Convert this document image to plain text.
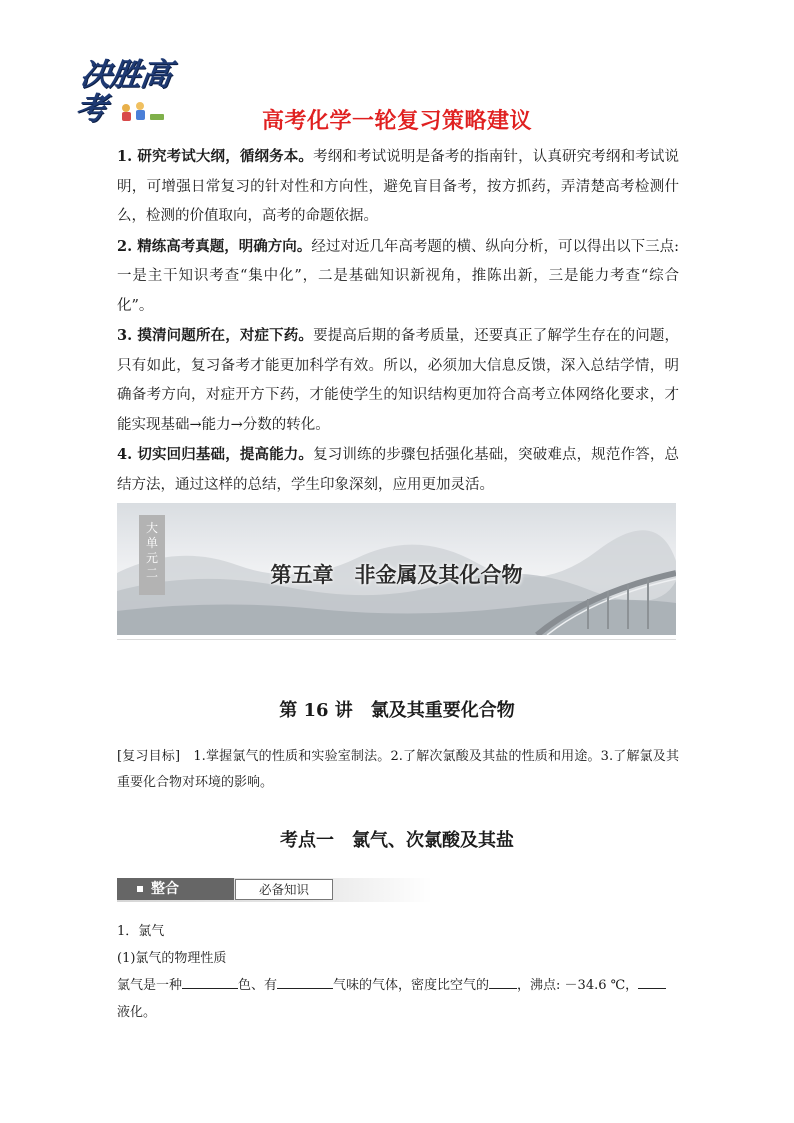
决胜高考	高考化学一轮复习策略建议

1. 研究考试大纲，循纲务本。考纲和考试说明是备考的指南针，认真研究考纲和考试说明，可增强日常复习的针对性和方向性，避免盲目备考，按方抓药，弄清楚高考检测什么，检测的价值取向，高考的命题依据。

2. 精练高考真题，明确方向。经过对近几年高考题的横、纵向分析，可以得出以下三点:一是主干知识考查“集中化”，二是基础知识新视角，推陈出新，三是能力考查“综合化”。

3. 摸清问题所在，对症下药。要提高后期的备考质量，还要真正了解学生存在的问题，只有如此，复习备考才能更加科学有效。所以，必须加大信息反馈，深入总结学情，明确备考方向，对症开方下药，才能使学生的知识结构更加符合高考立体网络化要求，才能实现基础→能力→分数的转化。

4. 切实回归基础，提高能力。复习训练的步骤包括强化基础，突破难点，规范作答，总结方法，通过这样的总结，学生印象深刻，应用更加灵活。

大
单
元
二	第五章　非金属及其化合物
第 16 讲　氯及其重要化合物

[复习目标]　 1.掌握氯气的性质和实验室制法。2.了解次氯酸及其盐的性质和用途。3.了解氯及其重要化合物对环境的影响。

考点一　氯气、次氯酸及其盐
整合	必备知识

1．氯气

(1)氯气的物理性质

氯气是一种	色、有	气味的气体，密度比空气的 ，沸点: －34.6 ℃，

液化。
